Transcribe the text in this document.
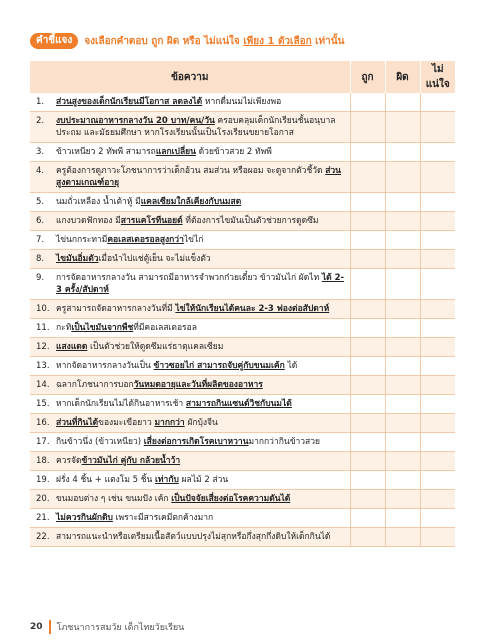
คำชี้แจง	จงเลือกคำตอบ ถูก ผิด หรือ ไม่แน่ใจ เพียง 1 ตัวเลือก เท่านั้น
ข้อความ	ถูก	ผิด	ไม่แน่ใจ

1. ส่วนสูงของเด็กนักเรียนมีโอกาส ลดลงได้ หากดื่มนมไม่เพียงพอ			

2. งบประมาณอาหารกลางวัน 20 บาท/คน/วัน ครอบคลุมเด็กนักเรียนชั้นอนุบาล ประถม และมัธยมศึกษา หากโรงเรียนนั้นเป็นโรงเรียนขยายโอกาส			

3. ข้าวเหนียว 2 ทัพพี สามารถแลกเปลี่ยน ด้วยข้าวสวย 2 ทัพพี			

4. ครูต้องการดูภาวะโภชนาการว่าเด็กอ้วน สมส่วน หรือผอม จะดูจากตัวชี้วัด ส่วนสูงตามเกณฑ์อายุ			

5. นมถั่วเหลือง น้ำเต้าหู้ มีแคลเซียมใกล้เคียงกับนมสด			

6. แกงบวดฟักทอง มีสารแคโรทีนอยด์ ที่ต้องการไขมันเป็นตัวช่วยการดูดซึม			

7. ไข่นกกระทามีคอเลสเตอรอลสูงกว่าไข่ไก่			

8. ไขมันอิ่มตัวเมื่อนำไปแช่ตู้เย็น จะไม่แข็งตัว			

9. การจัดอาหารกลางวัน สามารถมีอาหารจำพวกก๋วยเตี๋ยว ข้าวมันไก่ ผัดไท ได้ 2-3 ครั้ง/สัปดาห์			

10. ครูสามารถจัดอาหารกลางวันที่มี ไข่ให้นักเรียนได้คนละ 2-3 ฟองต่อสัปดาห์			

11. กะทิเป็นไขมันจากพืชที่มีคอเลสเตอรอล			

12. แสงแดด เป็นตัวช่วยให้ดูดซึมแร่ธาตุแคลเซียม			

13. หากจัดอาหารกลางวันเป็น ข้าวซอยไก่ สามารถจับคู่กับขนมเค้ก ได้			

14. ฉลากโภชนาการบอกวันหมดอายุและวันที่ผลิตของอาหาร			

15. หากเด็กนักเรียนไม่ได้กินอาหารเช้า สามารถกินแซนด์วิชกับนมได้			

16. ส่วนที่กินได้ของมะเขือยาว มากกว่า ผักบุ้งจีน			

17. กินข้าวนึ่ง (ข้าวเหนียว) เสี่ยงต่อการเกิดโรคเบาหวานมากกว่ากินข้าวสวย			

18. ควรจัดข้าวมันไก่ คู่กับ กล้วยน้ำว้า			

19. ฝรั่ง 4 ชิ้น + แตงโม 5 ชิ้น เท่ากับ ผลไม้ 2 ส่วน			

20. ขนมอบต่าง ๆ เช่น ขนมปัง เค้ก เป็นปัจจัยเสี่ยงต่อโรคความดันได้			

21. ไม่ควรกินผักดิบ เพราะมีสารเคมีตกค้างมาก			

22. สามารถแนะนำหรือเตรียมเนื้อสัตว์แบบปรุงไม่สุกหรือกึ่งสุกกึ่งดิบให้เด็กกินได้			

20 โภชนาการสมวัย เด็กไทยวัยเรียน
